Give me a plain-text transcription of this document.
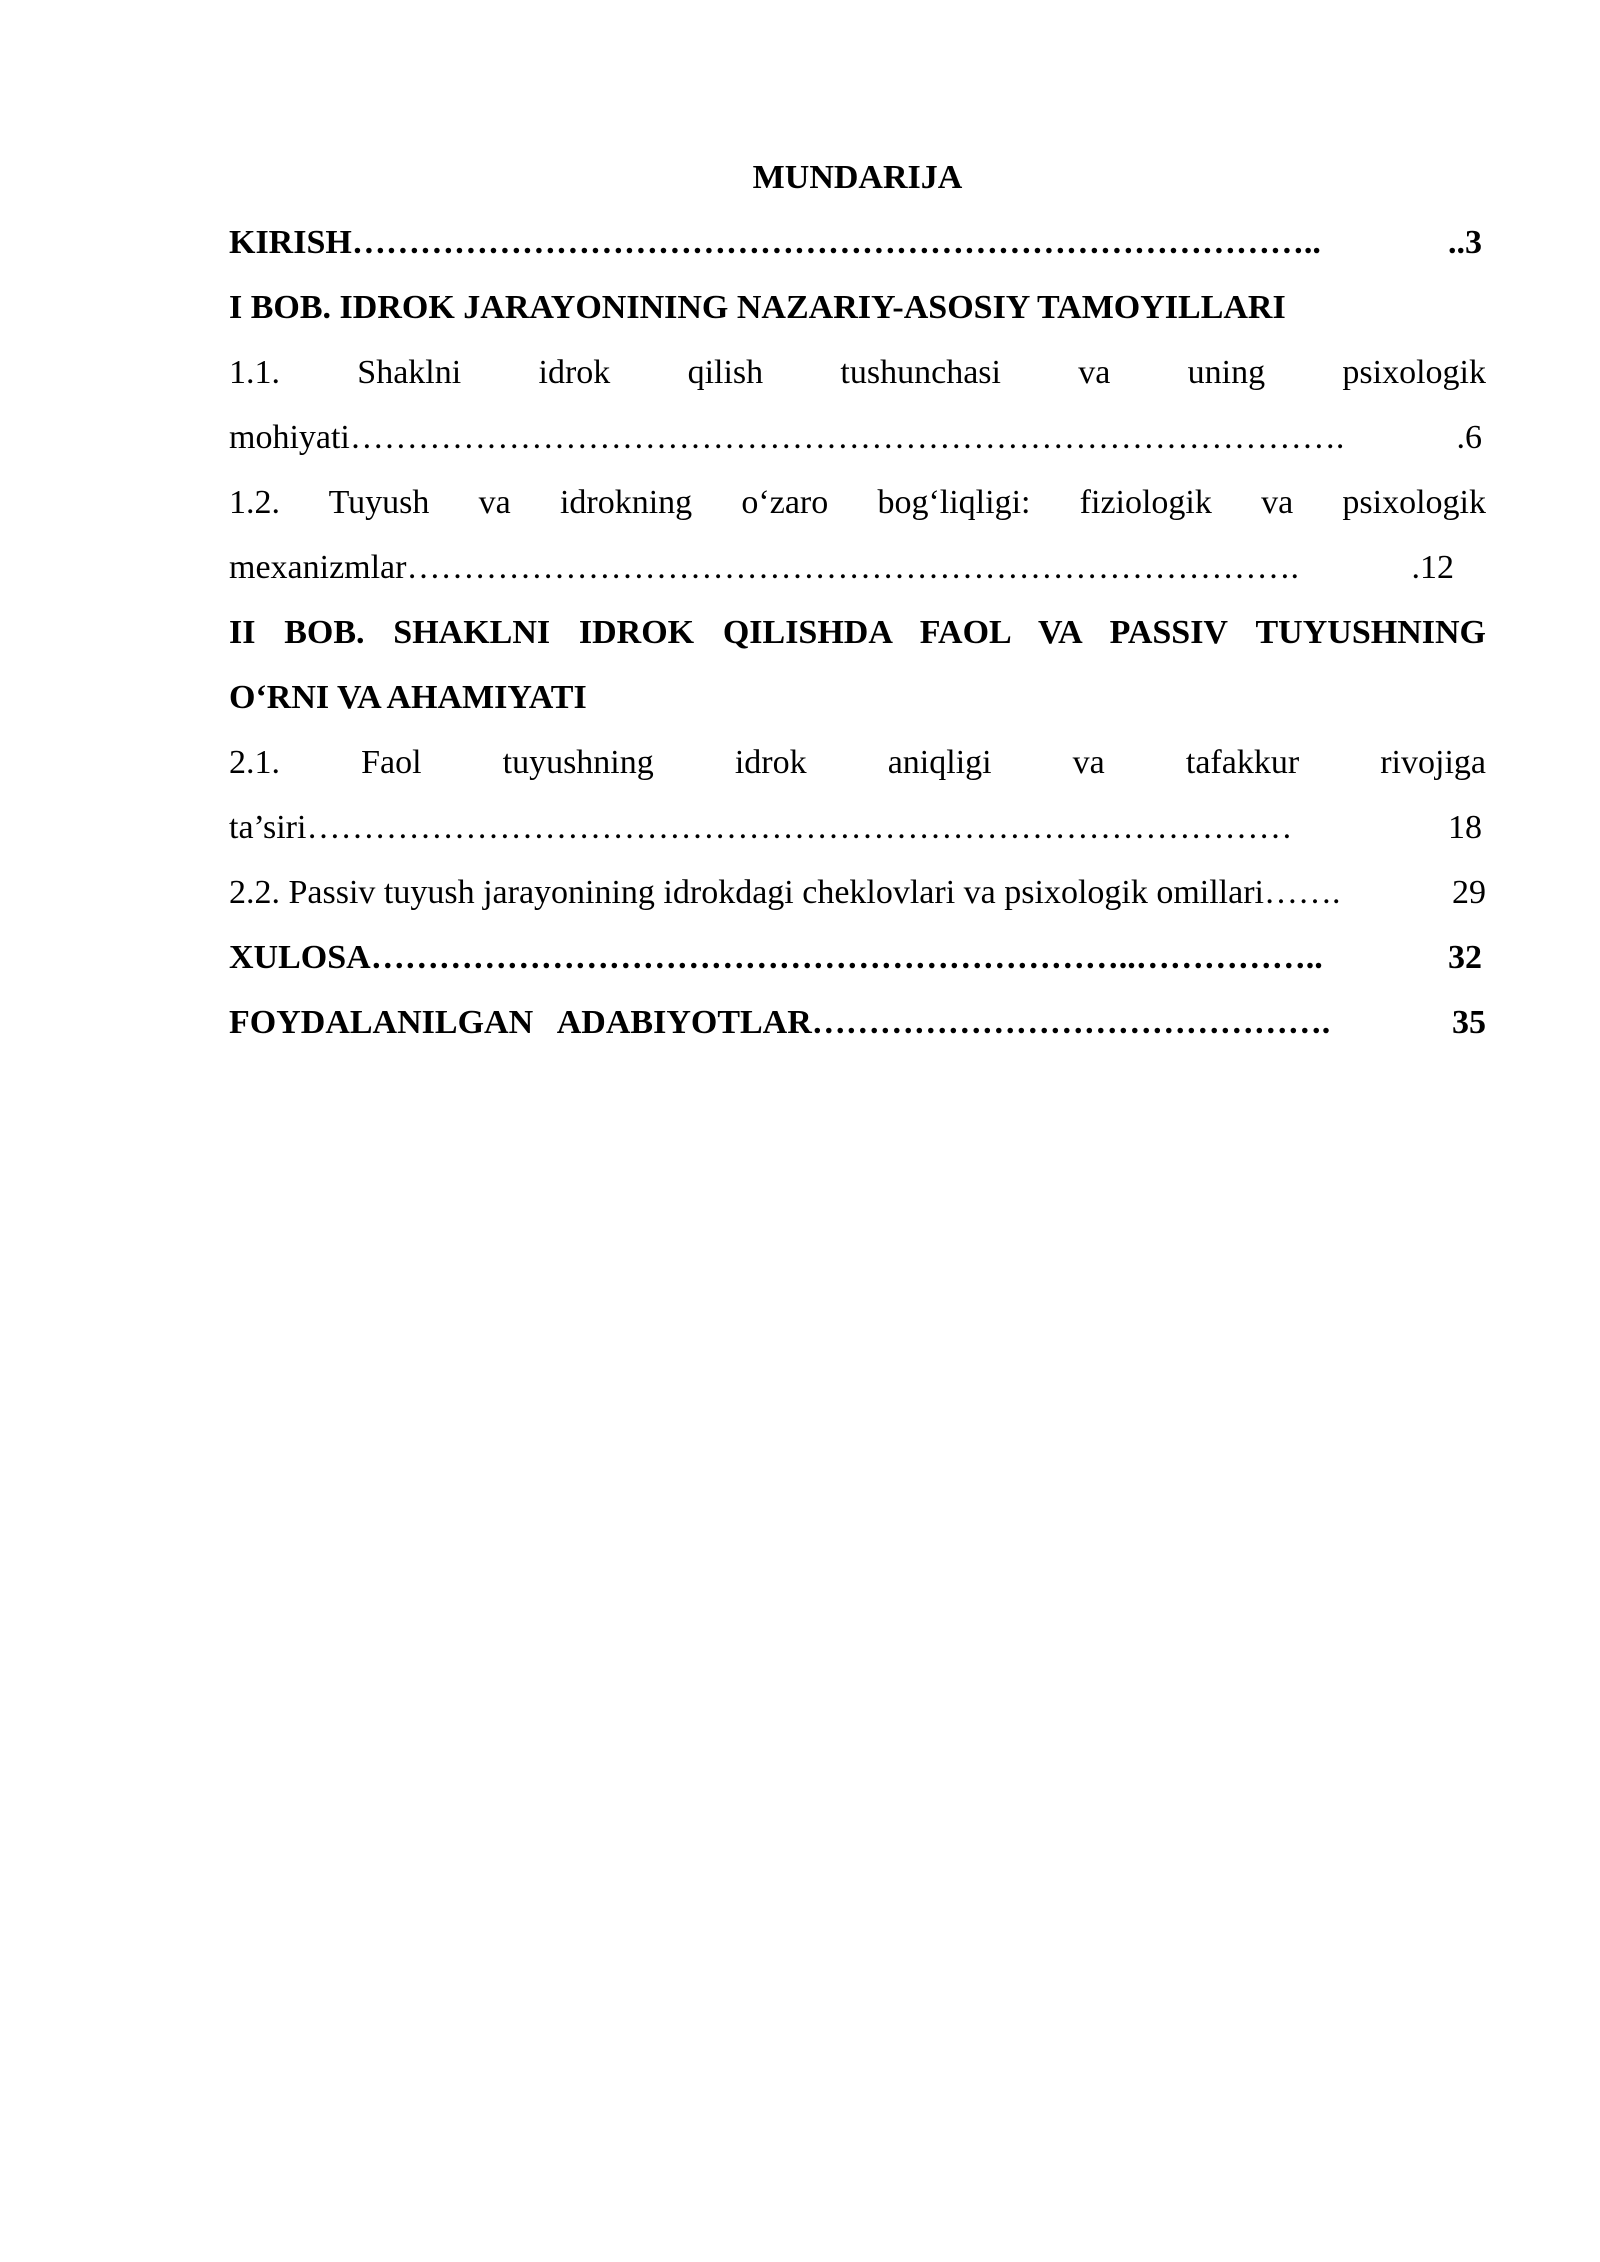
MUNDARIJA
KIRISH …………………………………………………………………………..	..3
I BOB. IDROK JARAYONINING NAZARIY-ASOSIY TAMOYILLARI
1.1. Shaklni idrok qilish tushunchasi va uning psixologik
mohiyati …………………………………………………………………………….	.6
1.2. Tuyush va idrokning o‘zaro bog‘liqligi: fiziologik va psixologik
mexanizmlar …………………………………………………………………….	.12
II BOB. SHAKLNI IDROK QILISHDA FAOL VA PASSIV TUYUSHNING
O‘RNI VA AHAMIYATI
2.1. Faol tuyushning idrok aniqligi va tafakkur rivojiga
ta’siri ……………………………………………………………………………	18
2.2. Passiv tuyush jarayonining idrokdagi cheklovlari va psixologik omillari …….	29
XULOSA …………………………………………………………..……………..	32
FOYDALANILGAN   ADABIYOTLAR ……………………………………….	35
